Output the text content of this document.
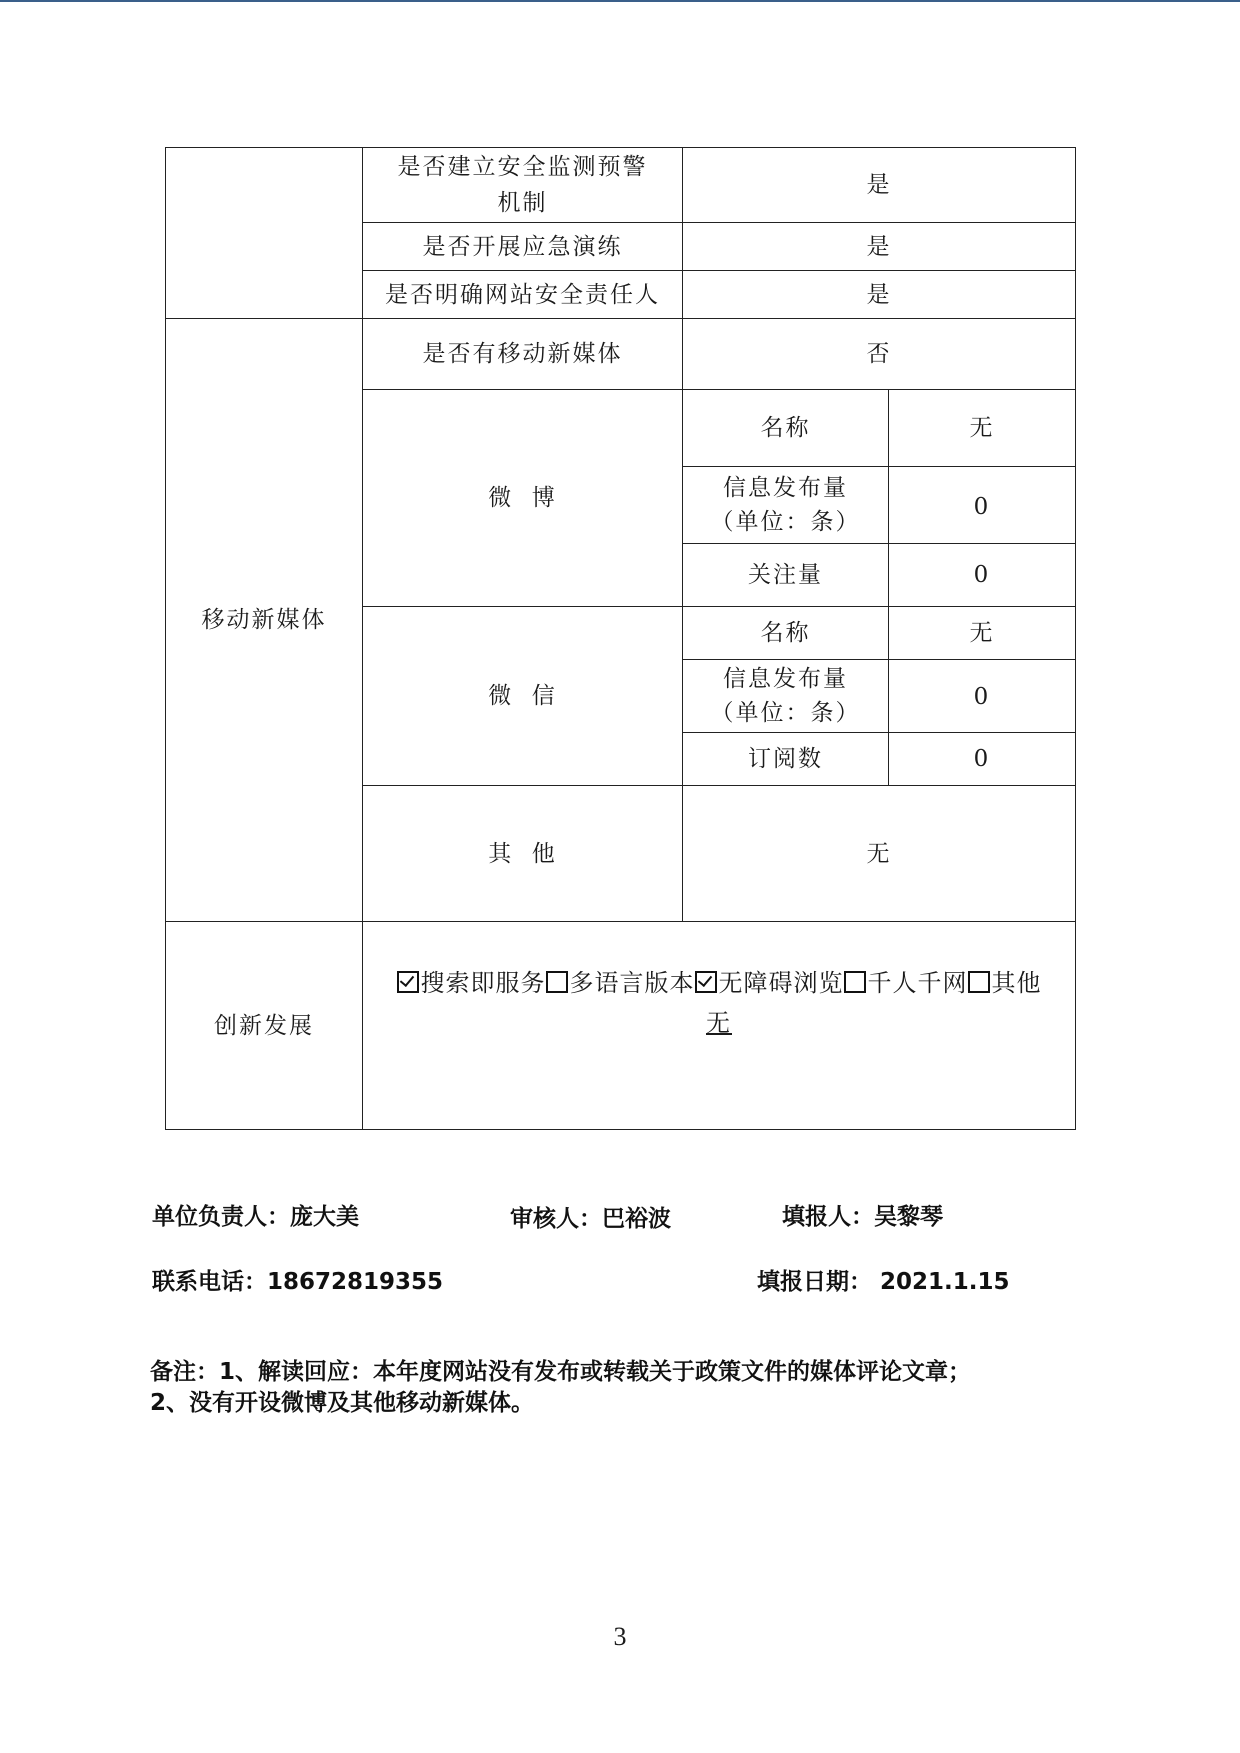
	是否建立安全监测预警机制	是	
	是否开展应急演练	是	
	是否明确网站安全责任人	是	
移动新媒体	是否有移动新媒体	否	
	微  博	名称	无

		信息发布量（单位：条）	0
		关注量	0
	微  信	名称	无

		信息发布量（单位：条）	0
		订阅数	0
	其  他	无	
创新发展	搜索即服务 多语言版本 无障碍浏览 千人千网 其他
无		
单位负责人：庞大美	审核人：巴裕波	填报人：吴黎琴
联系电话：18672819355	填报日期： 2021.1.15
备注：1、解读回应：本年度网站没有发布或转载关于政策文件的媒体评论文章；
2、没有开设微博及其他移动新媒体。
3
